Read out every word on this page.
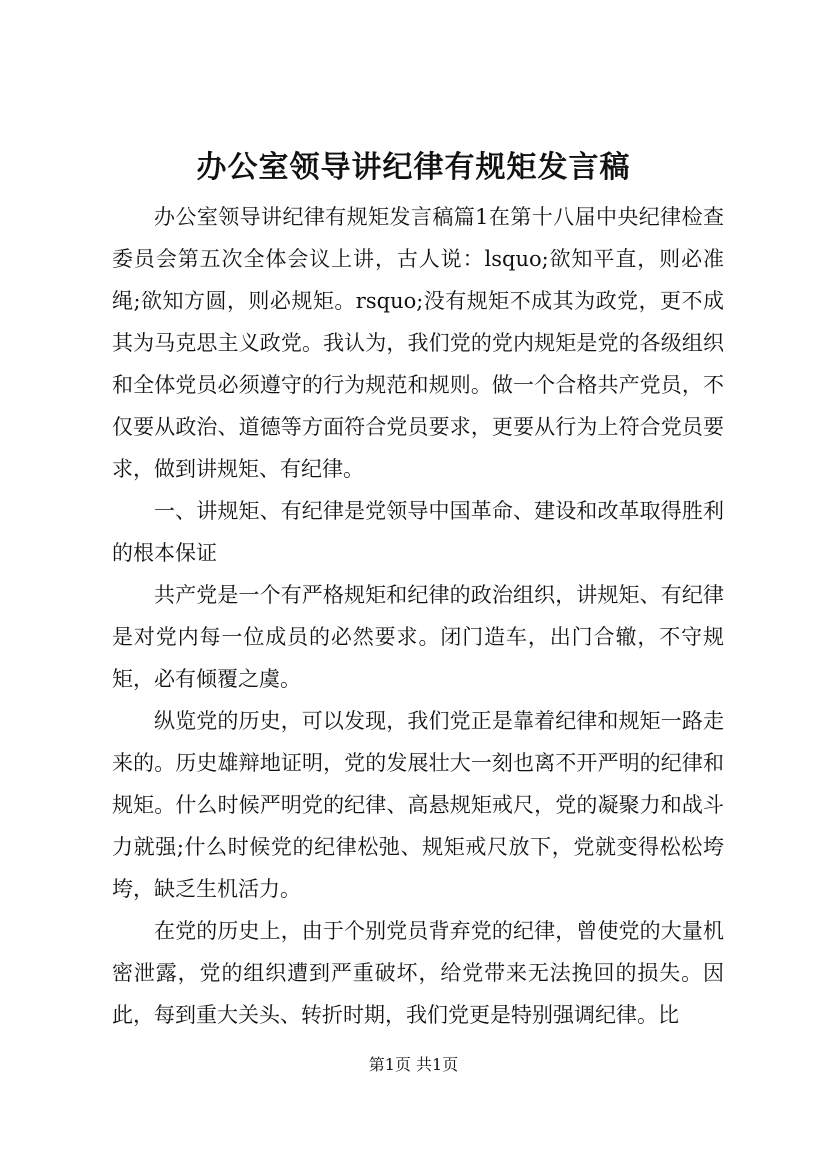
办公室领导讲纪律有规矩发言稿

办公室领导讲纪律有规矩发言稿篇1在第十八届中央纪律检查委员会第五次全体会议上讲，古人说：lsquo;欲知平直，则必准绳;欲知方圆，则必规矩。rsquo;没有规矩不成其为政党，更不成其为马克思主义政党。我认为，我们党的党内规矩是党的各级组织和全体党员必须遵守的行为规范和规则。做一个合格共产党员，不仅要从政治、道德等方面符合党员要求，更要从行为上符合党员要求，做到讲规矩、有纪律。

一、讲规矩、有纪律是党领导中国革命、建设和改革取得胜利的根本保证

共产党是一个有严格规矩和纪律的政治组织，讲规矩、有纪律是对党内每一位成员的必然要求。闭门造车，出门合辙，不守规矩，必有倾覆之虞。

纵览党的历史，可以发现，我们党正是靠着纪律和规矩一路走来的。历史雄辩地证明，党的发展壮大一刻也离不开严明的纪律和规矩。什么时候严明党的纪律、高悬规矩戒尺，党的凝聚力和战斗力就强;什么时候党的纪律松弛、规矩戒尺放下，党就变得松松垮垮，缺乏生机活力。

在党的历史上，由于个别党员背弃党的纪律，曾使党的大量机密泄露，党的组织遭到严重破坏，给党带来无法挽回的损失。因此，每到重大关头、转折时期，我们党更是特别强调纪律。比

第1页 共1页
